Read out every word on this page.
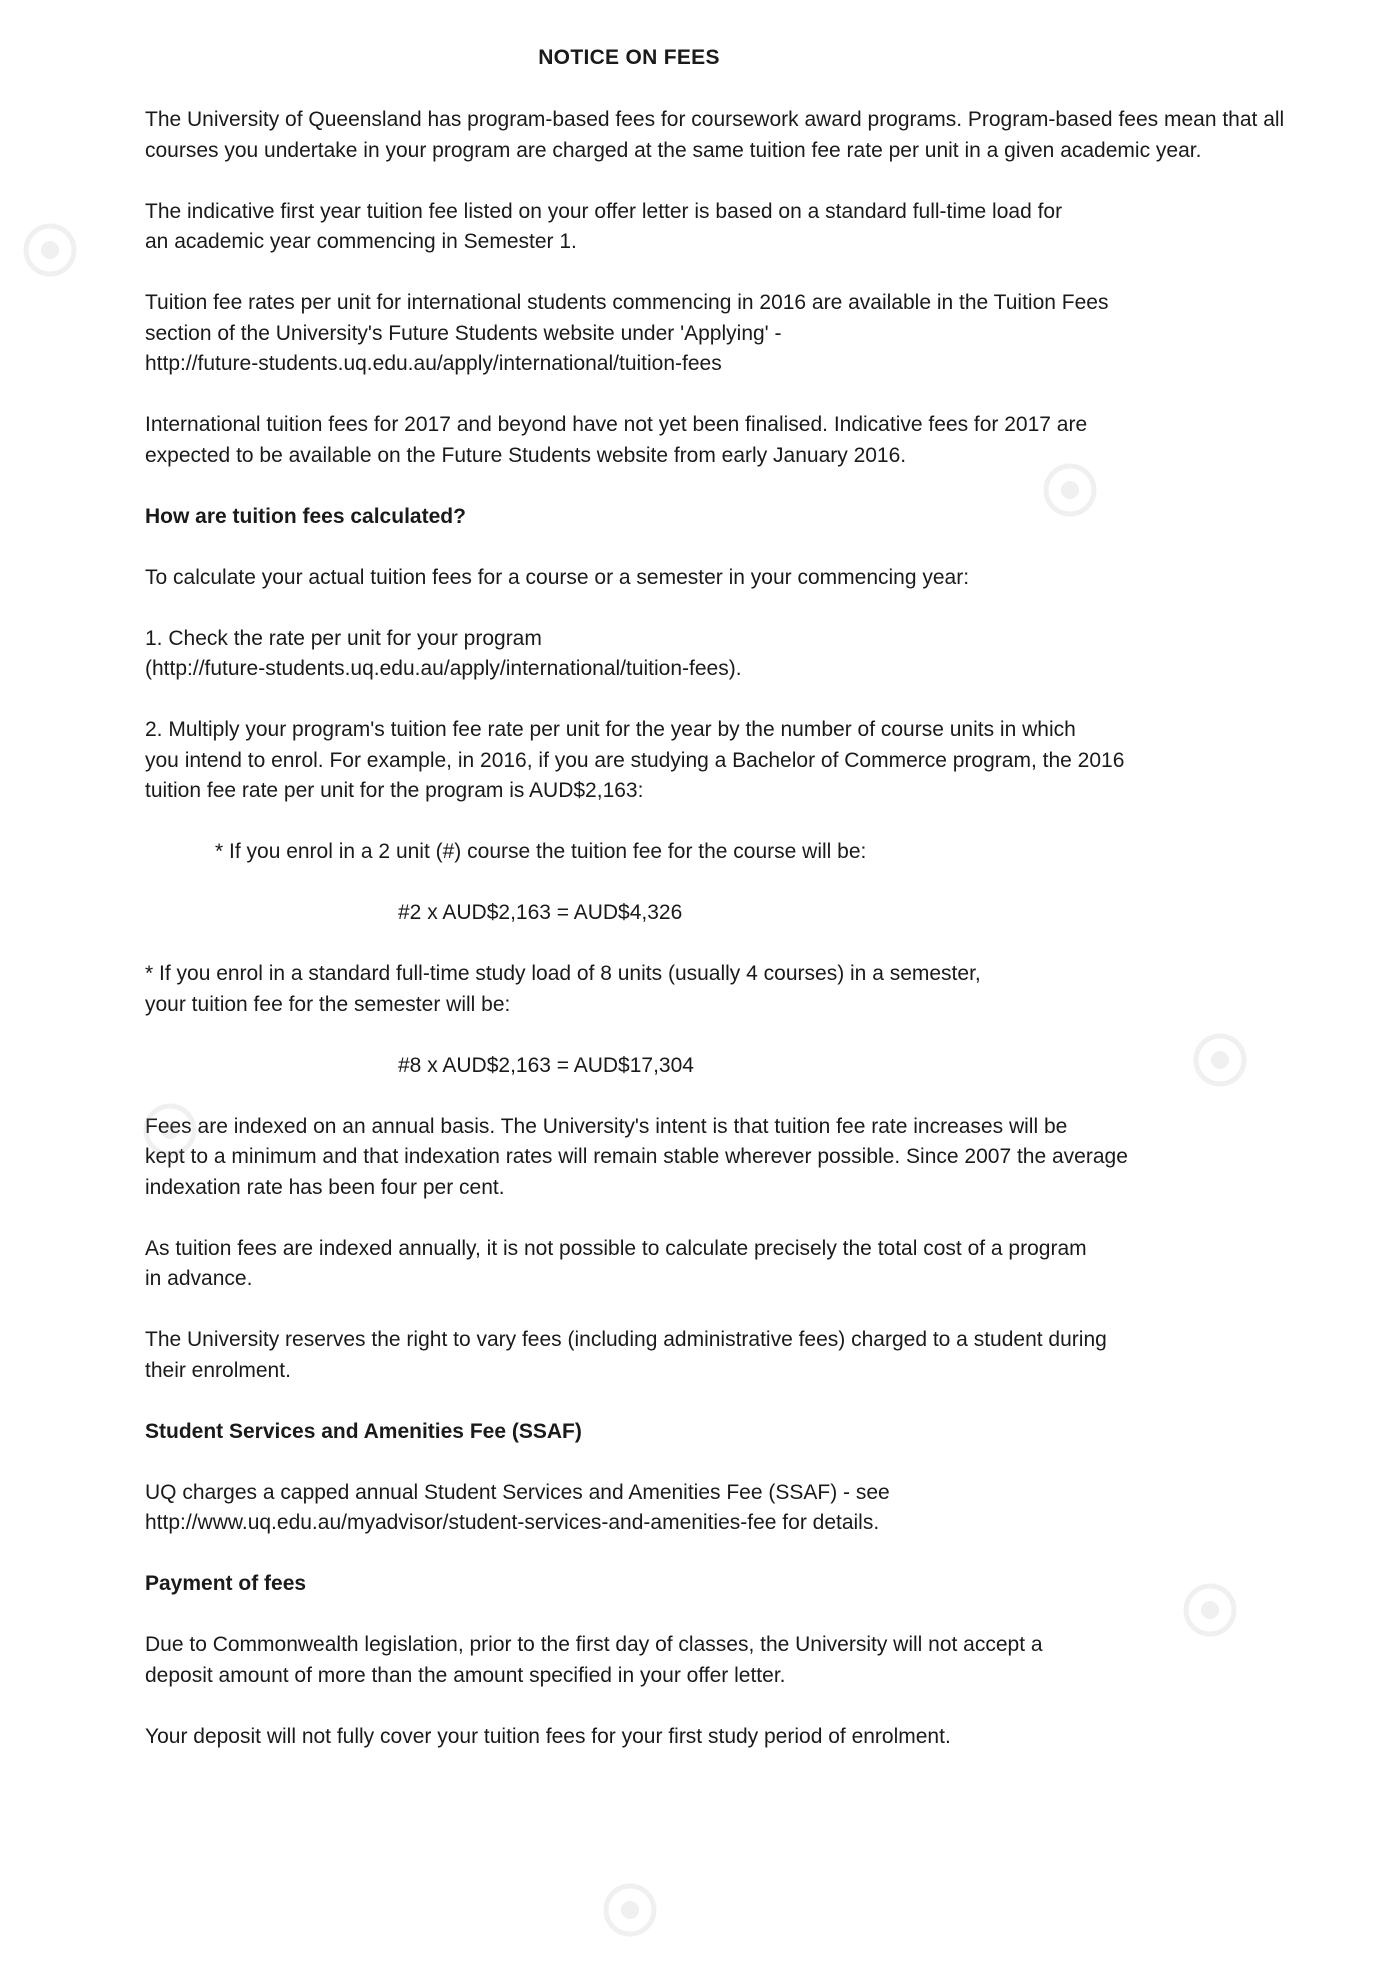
NOTICE ON FEES

The University of Queensland has program-based fees for coursework award programs. Program-based fees mean that all courses you undertake in your program are charged at the same tuition fee rate per unit in a given academic year.

The indicative first year tuition fee listed on your offer letter is based on a standard full-time load for
an academic year commencing in Semester 1.

Tuition fee rates per unit for international students commencing in 2016 are available in the Tuition Fees
section of the University's Future Students website under 'Applying' -
http://future-students.uq.edu.au/apply/international/tuition-fees

International tuition fees for 2017 and beyond have not yet been finalised. Indicative fees for 2017 are
expected to be available on the Future Students website from early January 2016.

How are tuition fees calculated?

To calculate your actual tuition fees for a course or a semester in your commencing year:

1. Check the rate per unit for your program
(http://future-students.uq.edu.au/apply/international/tuition-fees).

2. Multiply your program's tuition fee rate per unit for the year by the number of course units in which
you intend to enrol. For example, in 2016, if you are studying a Bachelor of Commerce program, the 2016
tuition fee rate per unit for the program is AUD$2,163:

* If you enrol in a 2 unit (#) course the tuition fee for the course will be:

#2 x AUD$2,163 = AUD$4,326

* If you enrol in a standard full-time study load of 8 units (usually 4 courses) in a semester,
your tuition fee for the semester will be:

#8 x AUD$2,163 = AUD$17,304

are indexed on an annual basis. The University's intent is that tuition fee rate increases will be
kept to a minimum and that indexation rates will remain stable wherever possible. Since 2007 the average
indexation rate has been four per cent.

As tuition fees are indexed annually, it is not possible to calculate precisely the total cost of a program
in advance.

The University reserves the right to vary fees (including administrative fees) charged to a student during
their enrolment.

Student Services and Amenities Fee (SSAF)

UQ charges a capped annual Student Services and Amenities Fee (SSAF) - see
http://www.uq.edu.au/myadvisor/student-services-and-amenities-fee for details.

Payment of fees

Due to Commonwealth legislation, prior to the first day of classes, the University will not accept a
deposit amount of more than the amount specified in your offer letter.

Your deposit will not fully cover your tuition fees for your first study period of enrolment.
